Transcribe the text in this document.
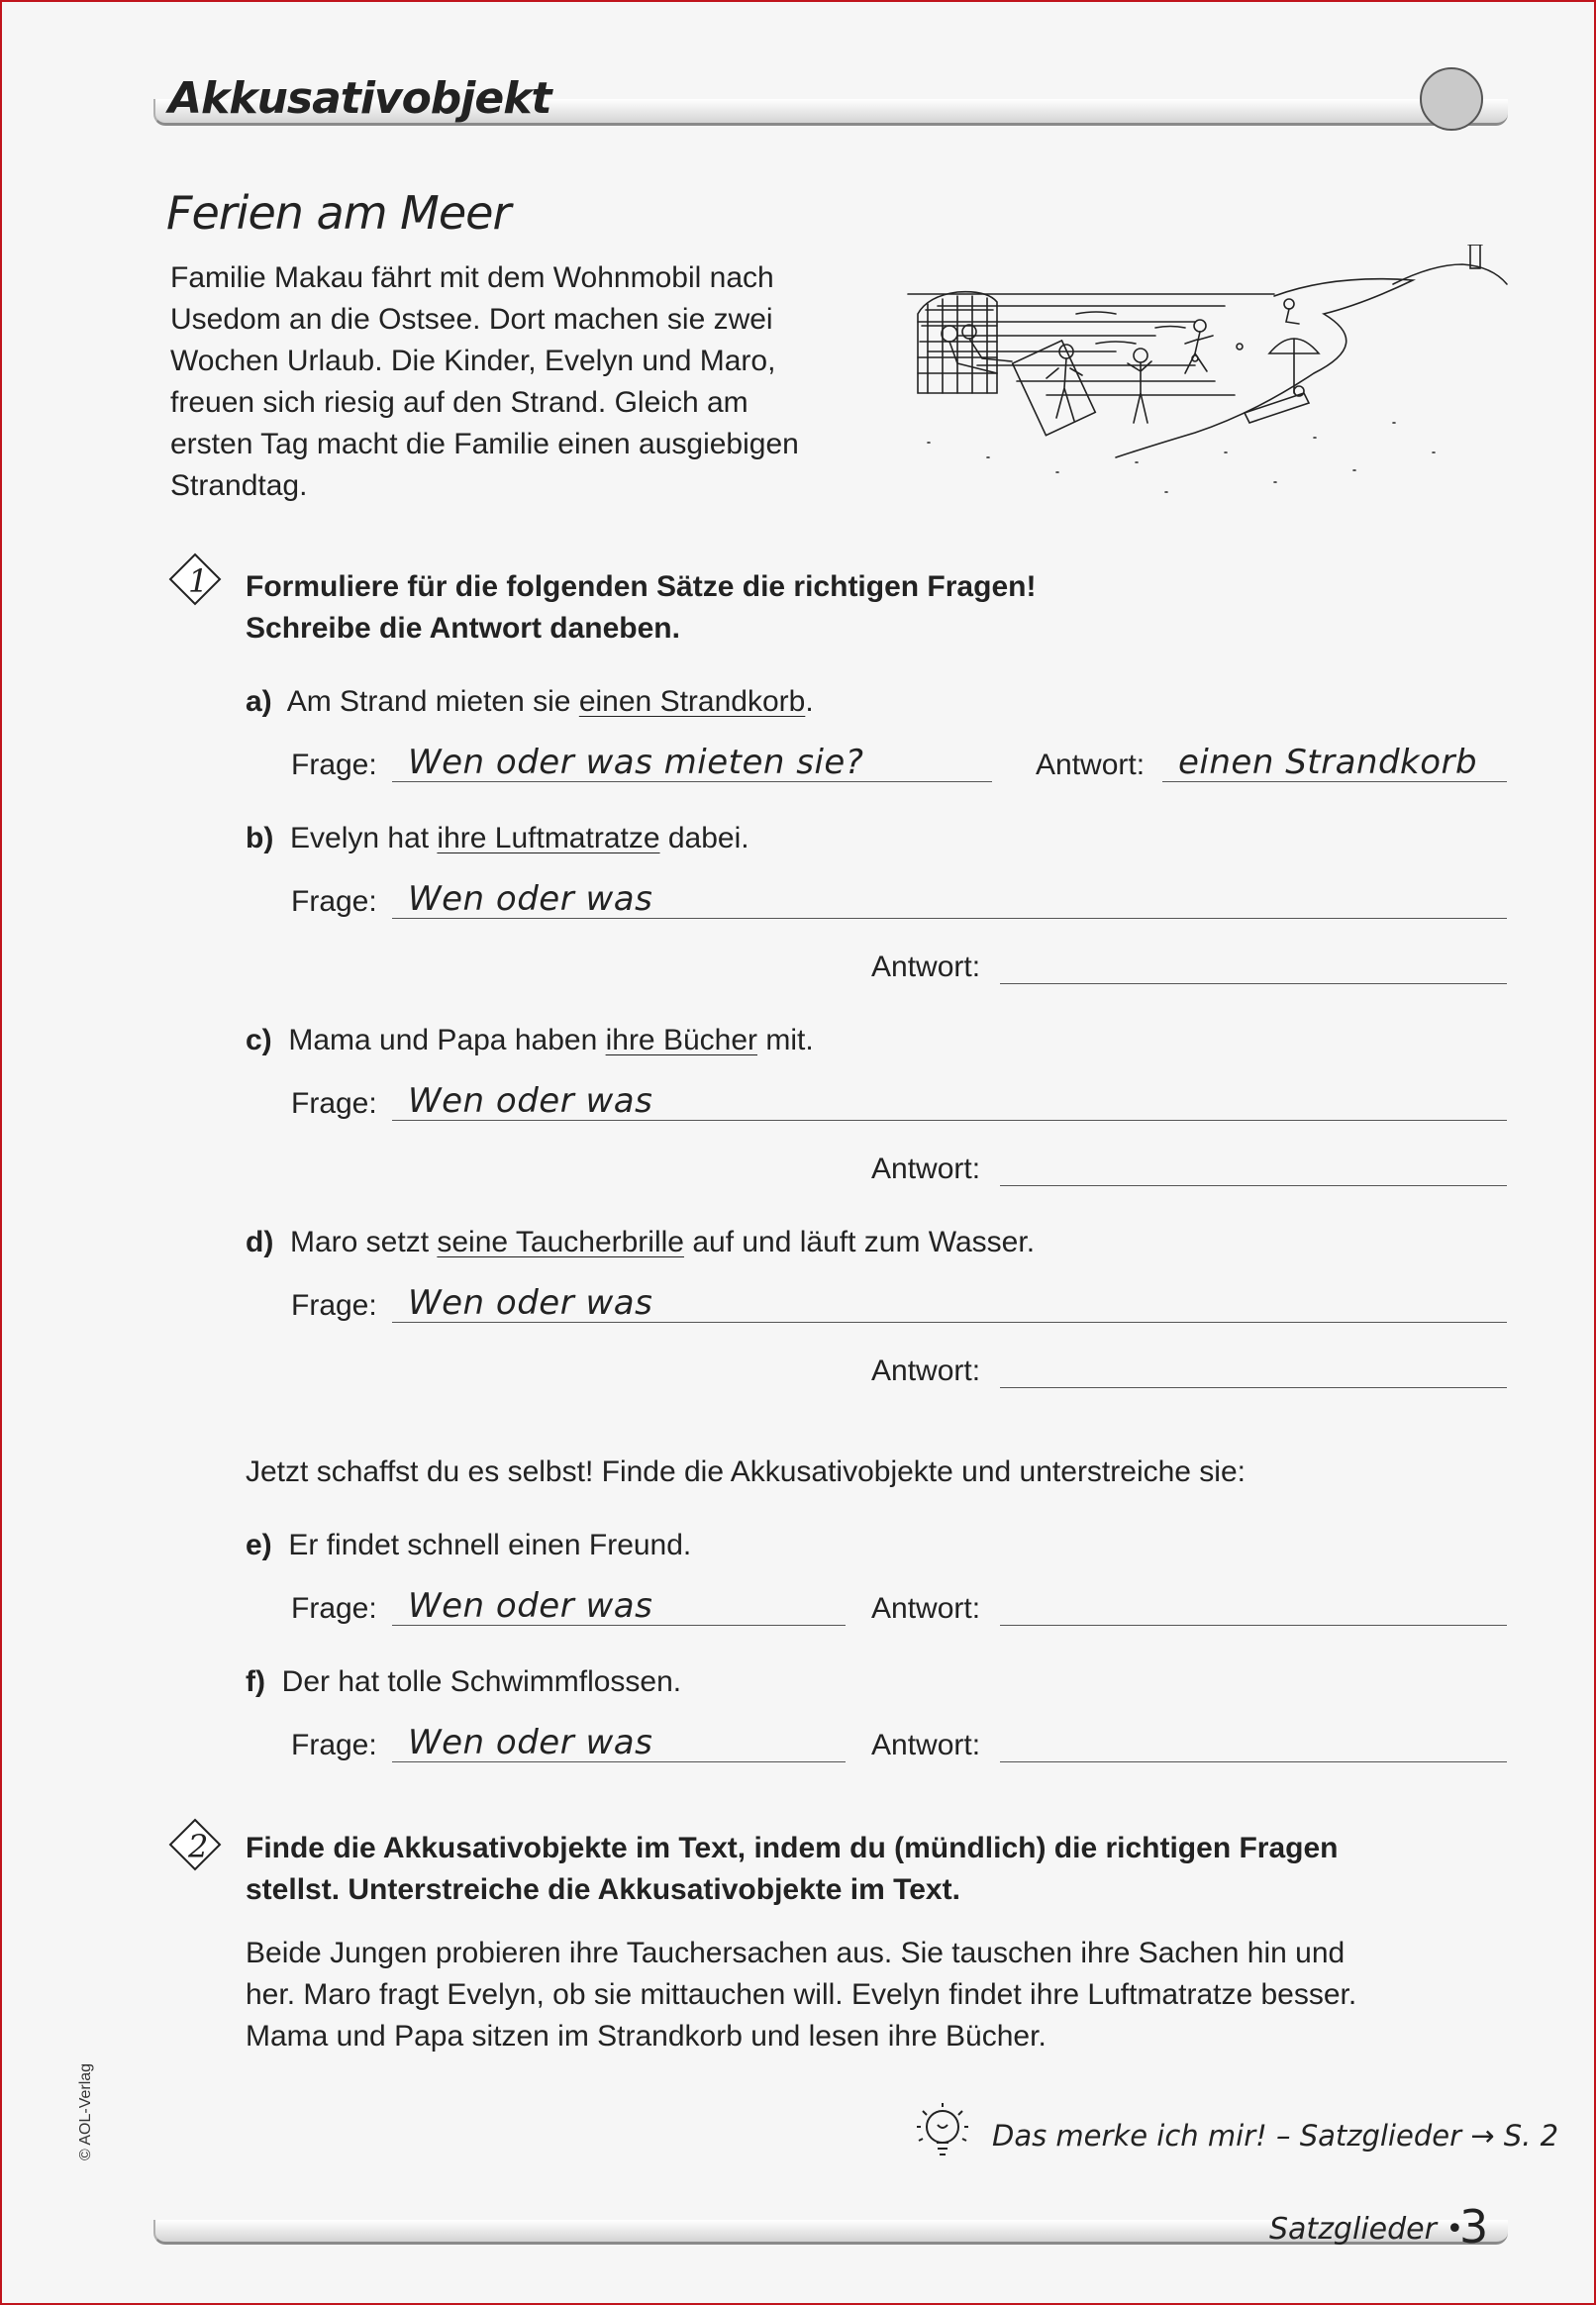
Akkusativobjekt
Ferien am Meer

Familie Makau fährt mit dem Wohnmobil nach

Usedom an die Ostsee. Dort machen sie zwei

Wochen Urlaub. Die Kinder, Evelyn und Maro,

freuen sich riesig auf den Strand. Gleich am

ersten Tag macht die Familie einen ausgiebigen

Strandtag.

1 Formuliere für die folgenden Sätze die richtigen Fragen!
Schreibe die Antwort daneben.
a) Am Strand mieten sie einen Strandkorb.
Frage: Wen oder was mieten sie?	Antwort: einen Strandkorb
b) Evelyn hat ihre Luftmatratze dabei.
Frage: Wen oder was
Antwort:
c) Mama und Papa haben ihre Bücher mit.
Frage: Wen oder was
Antwort:
d) Maro setzt seine Taucherbrille auf und läuft zum Wasser.
Frage: Wen oder was
Antwort:
Jetzt schaffst du es selbst! Finde die Akkusativobjekte und unterstreiche sie:
e) Er findet schnell einen Freund.
Frage: Wen oder was	Antwort:
f) Der hat tolle Schwimmflossen.
Frage: Wen oder was	Antwort:
2 Finde die Akkusativobjekte im Text, indem du (mündlich) die richtigen Fragen
stellst. Unterstreiche die Akkusativobjekte im Text.
Beide Jungen probieren ihre Tauchersachen aus. Sie tauschen ihre Sachen hin und
her. Maro fragt Evelyn, ob sie mittauchen will. Evelyn findet ihre Luftmatratze besser.
Mama und Papa sitzen im Strandkorb und lesen ihre Bücher.
Das merke ich mir! – Satzglieder → S. 2
Satzglieder •
3
© AOL-Verlag
